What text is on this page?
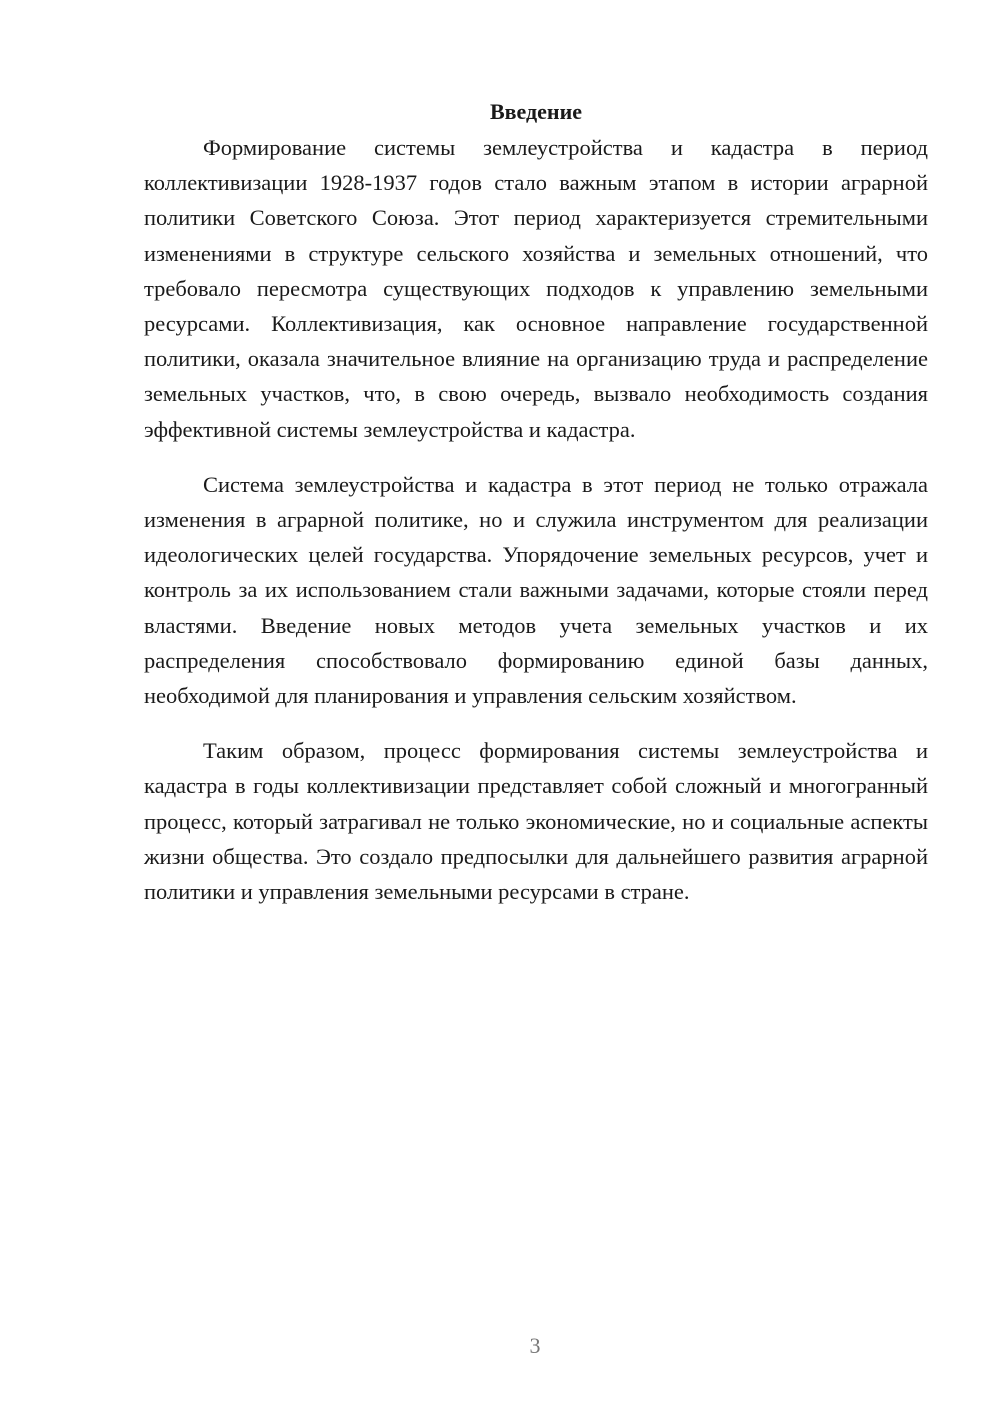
Введение

Формирование системы землеустройства и кадастра в период коллективизации 1928-1937 годов стало важным этапом в истории аграрной политики Советского Союза. Этот период характеризуется стремительными изменениями в структуре сельского хозяйства и земельных отношений, что требовало пересмотра существующих подходов к управлению земельными ресурсами. Коллективизация, как основное направление государственной политики, оказала значительное влияние на организацию труда и распределение земельных участков, что, в свою очередь, вызвало необходимость создания эффективной системы землеустройства и кадастра.

Система землеустройства и кадастра в этот период не только отражала изменения в аграрной политике, но и служила инструментом для реализации идеологических целей государства. Упорядочение земельных ресурсов, учет и контроль за их использованием стали важными задачами, которые стояли перед властями. Введение новых методов учета земельных участков и их распределения способствовало формированию единой базы данных, необходимой для планирования и управления сельским хозяйством.

Таким образом, процесс формирования системы землеустройства и кадастра в годы коллективизации представляет собой сложный и многогранный процесс, который затрагивал не только экономические, но и социальные аспекты жизни общества. Это создало предпосылки для дальнейшего развития аграрной политики и управления земельными ресурсами в стране.

3
